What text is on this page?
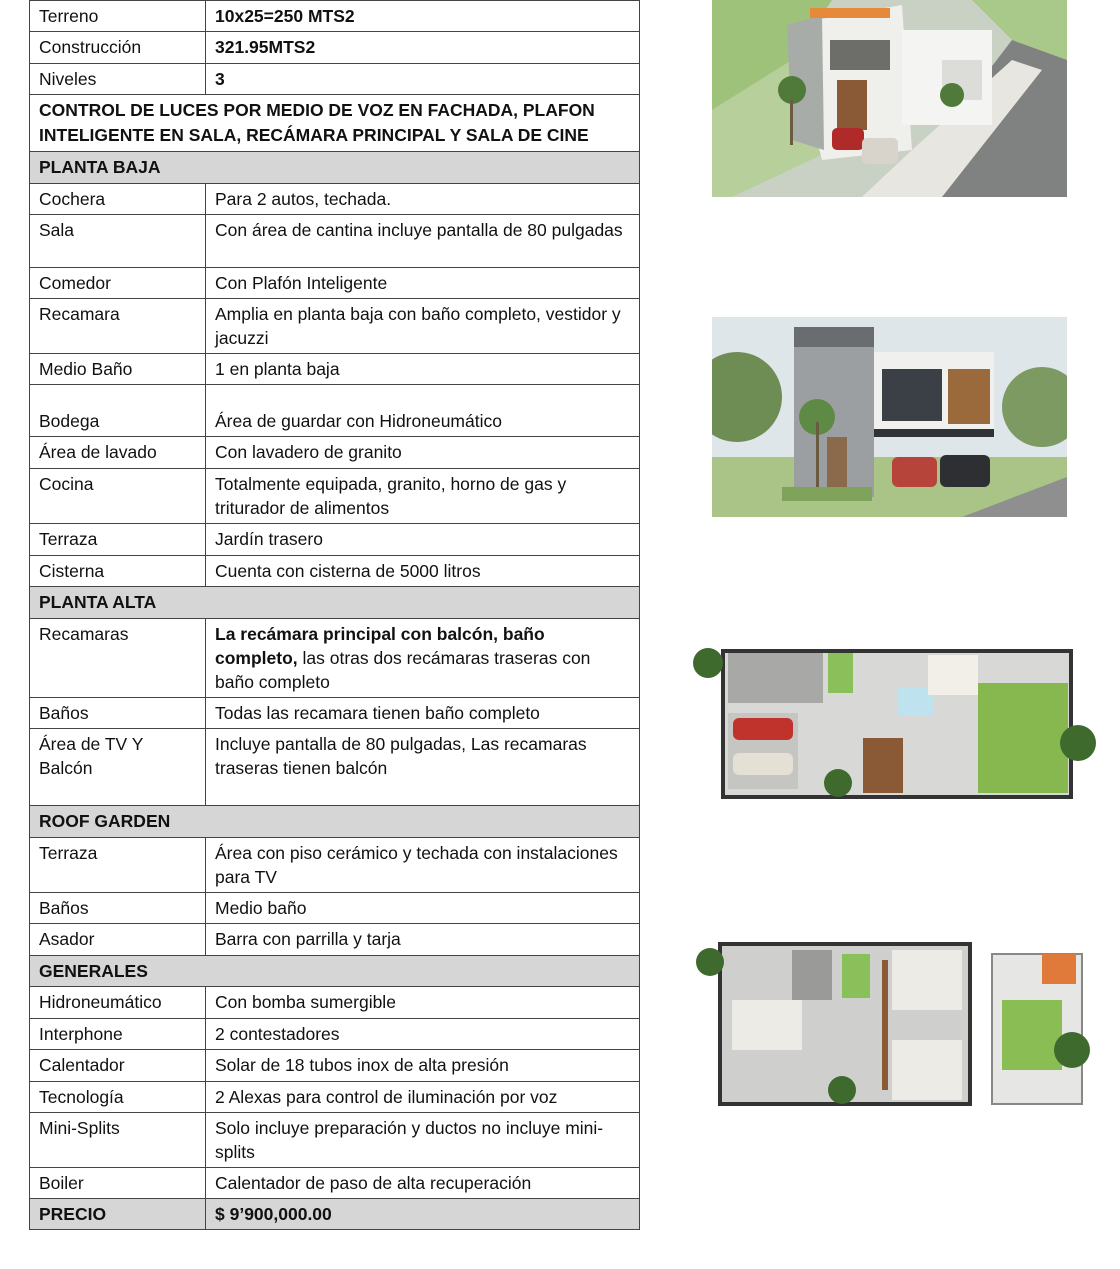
Terreno	10x25=250 MTS2
Construcción	321.95MTS2
Niveles	3
CONTROL DE LUCES POR MEDIO DE VOZ EN FACHADA, PLAFON INTELIGENTE EN SALA, RECÁMARA PRINCIPAL Y SALA DE CINE	
PLANTA BAJA	
Cochera	Para 2 autos, techada.
Sala	Con área de cantina incluye pantalla de 80 pulgadas
Comedor	Con Plafón Inteligente
Recamara	Amplia en planta baja con baño completo, vestidor y jacuzzi
Medio Baño	1 en planta baja
Bodega	Área de guardar con Hidroneumático
Área de lavado	Con lavadero de granito
Cocina	Totalmente equipada, granito, horno de gas y triturador de alimentos
Terraza	Jardín trasero
Cisterna	Cuenta con cisterna de 5000 litros
PLANTA ALTA	
Recamaras	La recámara principal con balcón, baño completo, las otras dos recámaras traseras con baño completo
Baños	Todas las recamara tienen baño completo
Área de TV Y Balcón	Incluye pantalla de 80 pulgadas, Las recamaras traseras tienen balcón
ROOF GARDEN	
Terraza	Área con piso cerámico y techada con instalaciones para TV
Baños	Medio baño
Asador	Barra con parrilla y tarja
GENERALES	
Hidroneumático	Con bomba sumergible
Interphone	2 contestadores
Calentador	Solar de 18 tubos inox de alta presión
Tecnología	2 Alexas para control de iluminación por voz
Mini-Splits	Solo incluye preparación y ductos no incluye mini-splits
Boiler	Calentador de paso de alta recuperación
PRECIO	$ 9’900,000.00
